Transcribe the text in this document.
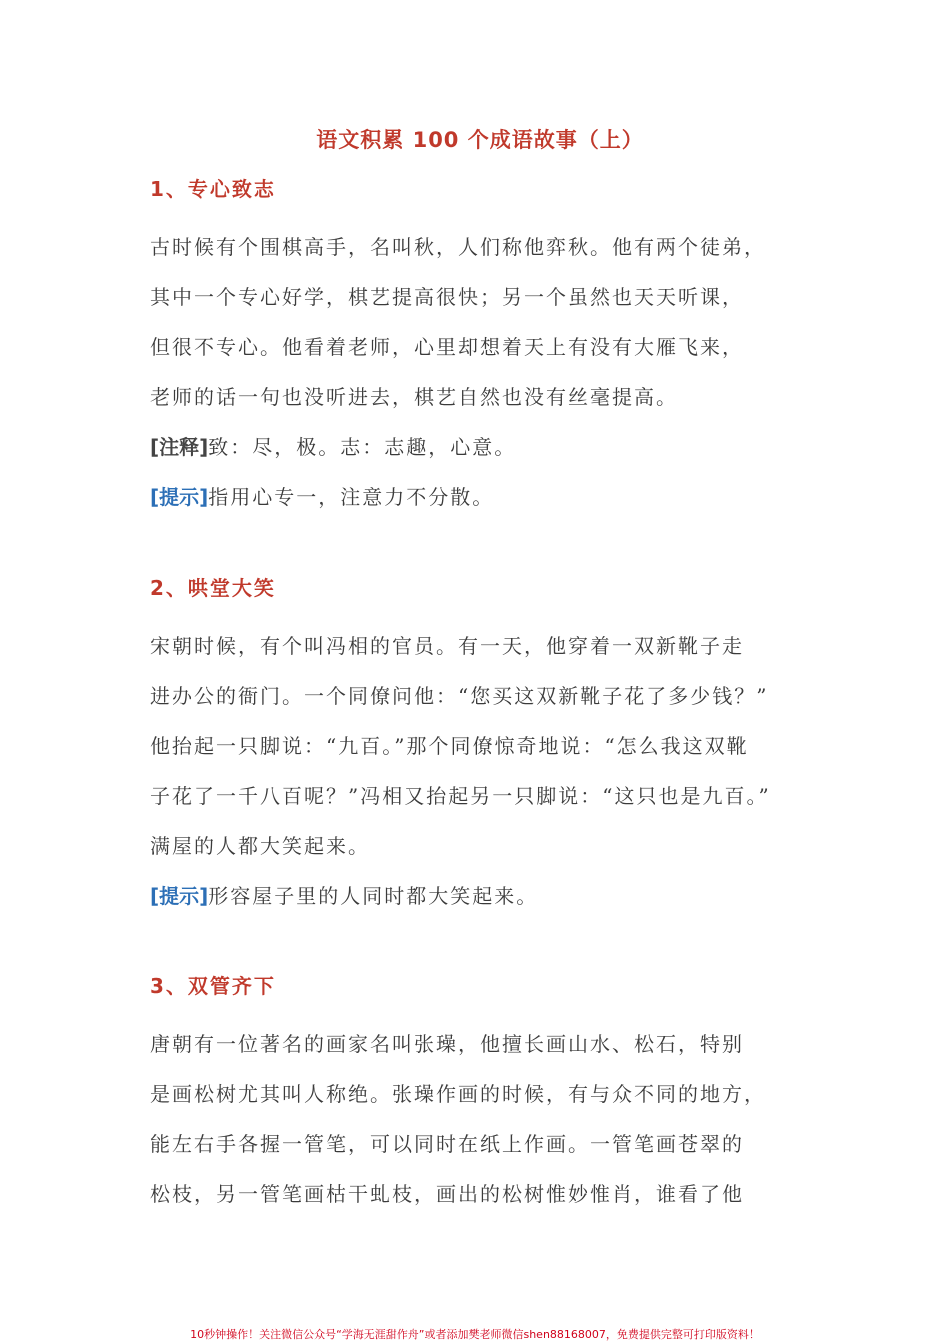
语文积累 100 个成语故事（上）
1、专心致志
古时候有个围棋高手，名叫秋，人们称他弈秋。他有两个徒弟，
其中一个专心好学，棋艺提高很快；另一个虽然也天天听课，
但很不专心。他看着老师，心里却想着天上有没有大雁飞来，
老师的话一句也没听进去，棋艺自然也没有丝毫提高。
[注释]致：尽，极。志：志趣，心意。
[提示]指用心专一，注意力不分散。
2、哄堂大笑
宋朝时候，有个叫冯相的官员。有一天，他穿着一双新靴子走
进办公的衙门。一个同僚问他：“您买这双新靴子花了多少钱？”
他抬起一只脚说：“九百。”那个同僚惊奇地说：“怎么我这双靴
子花了一千八百呢？”冯相又抬起另一只脚说：“这只也是九百。”
满屋的人都大笑起来。
[提示]形容屋子里的人同时都大笑起来。
3、双管齐下
唐朝有一位著名的画家名叫张璪，他擅长画山水、松石，特别
是画松树尤其叫人称绝。张璪作画的时候，有与众不同的地方，
能左右手各握一管笔，可以同时在纸上作画。一管笔画苍翠的
松枝，另一管笔画枯干虬枝，画出的松树惟妙惟肖，谁看了他
10秒钟操作！关注微信公众号“学海无涯甜作舟”或者添加樊老师微信shen88168007，免费提供完整可打印版资料！
